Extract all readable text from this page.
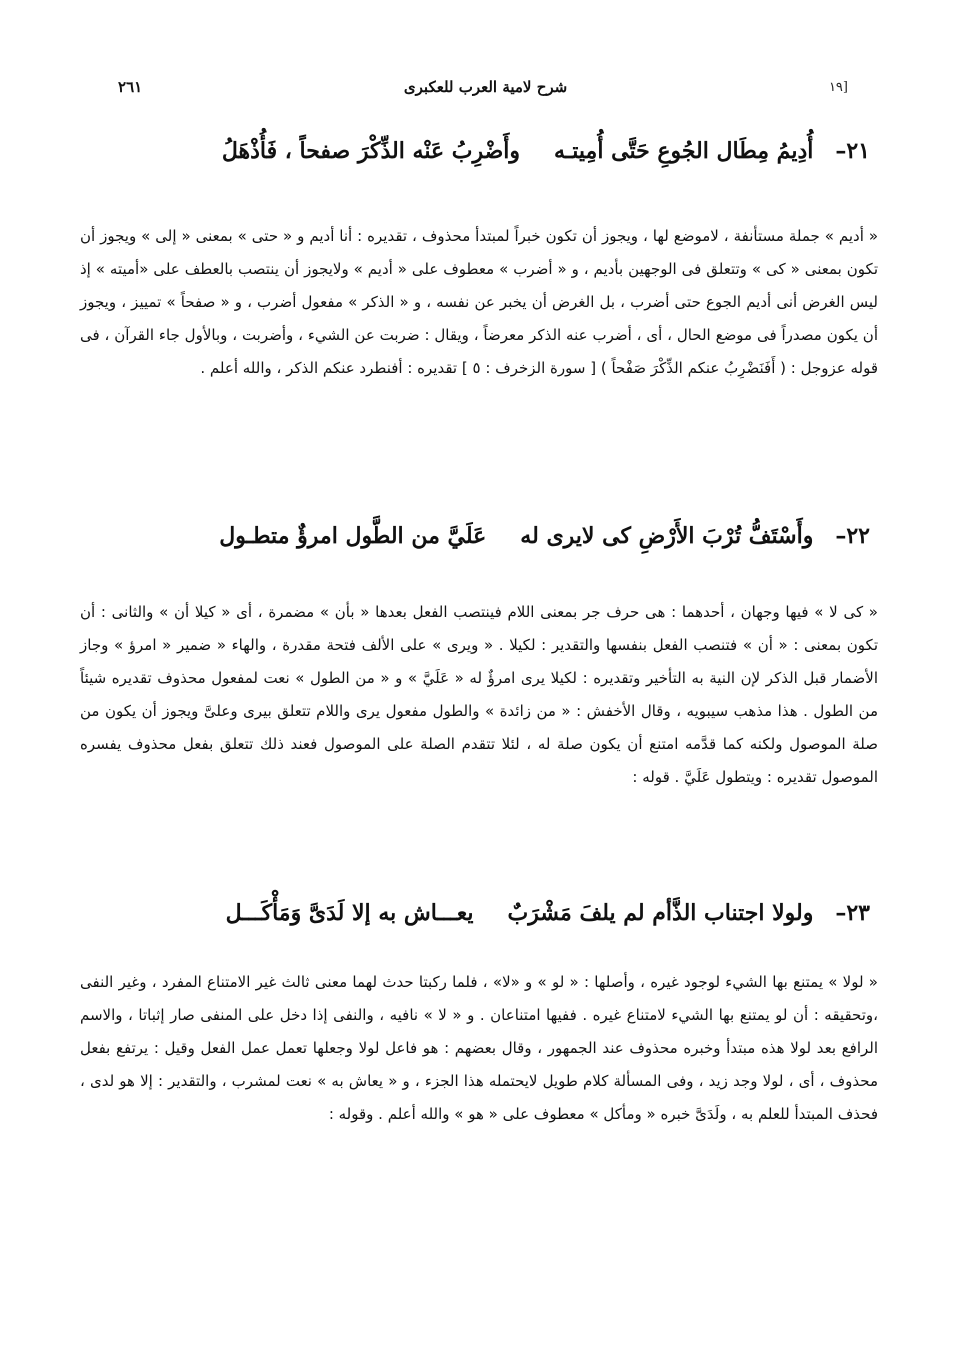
[١٩
شرح لامية العرب للعكبرى
٢٦١
٢١–
أُدِيمُ مِطَال الجُوعِ حَتَّى أُمِيتـه
وأَضْرِبُ عَنْه الذِّكْرَ صفحاً ، فَأُذْهَلُ

« أديم » جملة مستأنفة ، لاموضع لها ، ويجوز أن تكون خبراً لمبتدأ محذوف ، تقديره : أنا أديم و « حتى » بمعنى « إلى » ويجوز أن تكون بمعنى « كى » وتتعلق فى الوجهين بأديم ، و « أضرب » معطوف على « أديم » ولايجوز أن ينتصب بالعطف على «أميته » إذ ليس الغرض أنى أديم الجوع حتى أضرب ، بل الغرض أن يخبر عن نفسه ، و « الذكر » مفعول أضرب ، و « صفحاً » تمييز ، ويجوز أن يكون مصدراً فى موضع الحال ، أى ، أضرب عنه الذكر معرضاً ، ويقال : ضربت عن الشيء ، وأضربت ، وبالأول جاء القرآن ، فى قوله عزوجل : ( أَفَنَضْرِبُ عنكم الذِّكْرَ صَفْحاً ) [ سورة الزخرف : ٥ ] تقديره : أفنطرد عنكم الذكر ، والله أعلم .

٢٢–
وأَسْتَفُّ تُرْبَ الأَرْضِ كى لايرى له
عَلَيَّ من الطَّول امرؤٌ متطـول

« كى لا » فيها وجهان ، أحدهما : هى حرف جر بمعنى اللام فينتصب الفعل بعدها « بأن » مضمرة ، أى « كيلا أن » والثانى : أن تكون بمعنى : « أن » فتنصب الفعل بنفسها والتقدير : لكيلا . « ويرى » على الألف فتحة مقدرة ، والهاء « ضمير « امرؤ » وجاز الأضمار قبل الذكر لإن النية به التأخير وتقديره : لكيلا يرى امرؤٌ له « عَلَيَّ » و « من الطول » نعت لمفعول محذوف تقديره شيئاً من الطول . هذا مذهب سيبويه ، وقال الأخفش : « من زائدة » والطول مفعول يرى واللام تتعلق بيرى وعلىَّ ويجوز أن يكون من صلة الموصول ولكنه كما قدَّمه امتنع أن يكون صلة له ، لئلا تتقدم الصلة على الموصول فعند ذلك تتعلق بفعل محذوف يفسره الموصول تقديره : ويتطول عَلَيَّ . قوله :

٢٣–
ولولا اجتناب الذَّأم لم يلفَ مَشْرَبٌ
يعـــاش به إلا لَدَىَّ وَمَأْكَـــل

« لولا » يمتنع بها الشيء لوجود غيره ، وأصلها : « لو » و «لا» ، فلما ركبتا حدث لهما معنى ثالث غير الامتناع المفرد ، وغير النفى ،وتحقيقه : أن لو يمتنع بها الشيء لامتناع غيره . ففيها امتناعان . و « لا » نافيه ، والنفى إذا دخل على المنفى صار إثباتا ، والاسم الرافع بعد لولا هذه مبتدأ وخبره محذوف عند الجمهور ، وقال بعضهم : هو فاعل لولا وجعلها تعمل عمل الفعل وقيل : يرتفع بفعل محذوف ، أى ، لولا وجد زيد ، وفى المسألة كلام طويل لايحتمله هذا الجزء ، و « يعاش به » نعت لمشرب ، والتقدير : إلا هو لدى ، فحذف المبتدأ للعلم به ، ولَدَىَّ خبره « ومأكل » معطوف على « هو » والله أعلم . وقوله :
